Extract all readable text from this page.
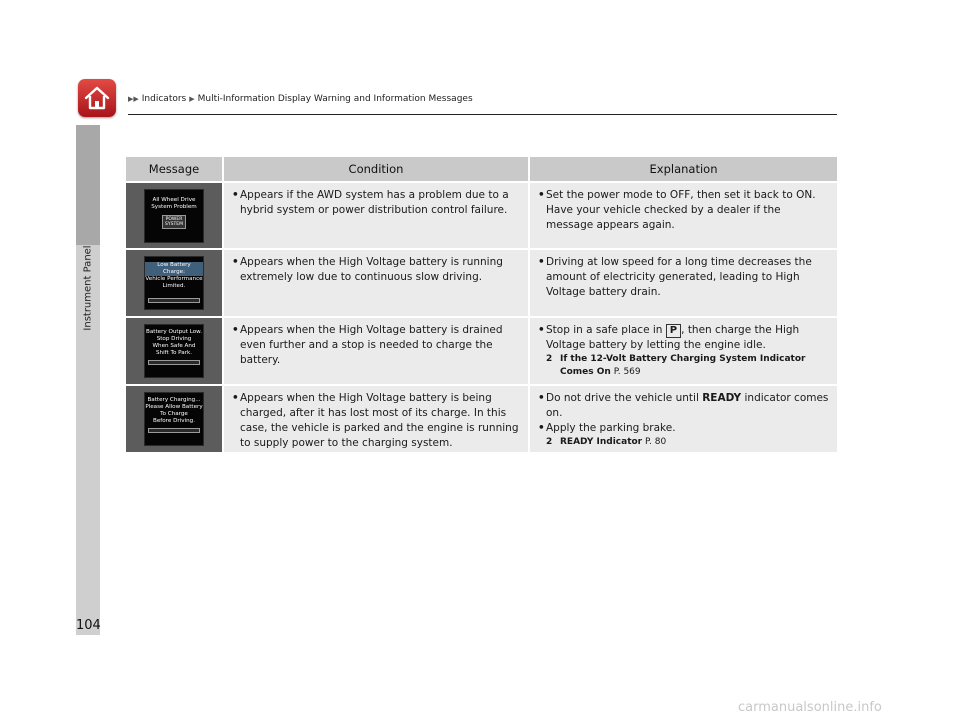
Instrument Panel
▶▶ Indicators ▶ Multi-Information Display Warning and Information Messages
Message	Condition	Explanation
All Wheel Drive
System Problem
POWER
SYSTEM
• Appears if the AWD system has a problem due to a hybrid system or power distribution control failure.
• Set the power mode to OFF, then set it back to ON. Have your vehicle checked by a dealer if the message appears again.
Low Battery Charge:
Vehicle Performance
Limited.
• Appears when the High Voltage battery is running extremely low due to continuous slow driving.
• Driving at low speed for a long time decreases the amount of electricity generated, leading to High Voltage battery drain.
Battery Output Low.
Stop Driving
When Safe And
Shift To Park.
• Appears when the High Voltage battery is drained even further and a stop is needed to charge the battery.
• Stop in a safe place in P , then charge the High Voltage battery by letting the engine idle.
2 If the 12-Volt Battery Charging System Indicator Comes On P. 569
Battery Charging...
Please Allow Battery
To Charge
Before Driving.
• Appears when the High Voltage battery is being charged, after it has lost most of its charge. In this case, the vehicle is parked and the engine is running to supply power to the charging system.
• Do not drive the vehicle until READY indicator comes on.
• Apply the parking brake.
2 READY Indicator P. 80
104
carmanualsonline.info
